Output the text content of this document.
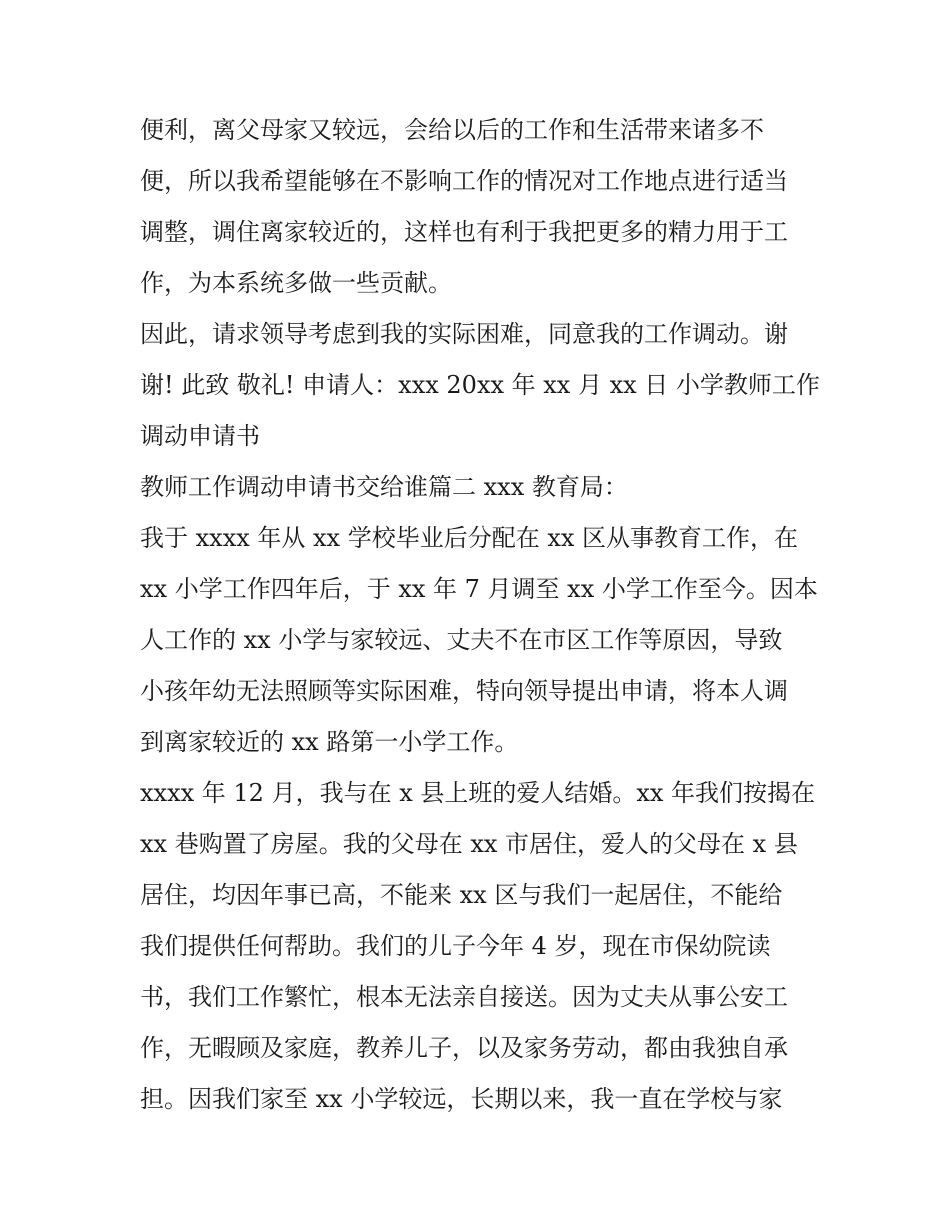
便利，离父母家又较远，会给以后的工作和生活带来诸多不
便，所以我希望能够在不影响工作的情况对工作地点进行适当
调整，调住离家较近的，这样也有利于我把更多的精力用于工
作，为本系统多做一些贡献。
因此，请求领导考虑到我的实际困难，同意我的工作调动。谢
谢! 此致 敬礼! 申请人：xxx 20xx 年 xx 月 xx 日 小学教师工作
调动申请书
教师工作调动申请书交给谁篇二 xxx 教育局：
我于 xxxx 年从 xx 学校毕业后分配在 xx 区从事教育工作，在
xx 小学工作四年后，于 xx 年 7 月调至 xx 小学工作至今。因本
人工作的 xx 小学与家较远、丈夫不在市区工作等原因，导致
小孩年幼无法照顾等实际困难，特向领导提出申请，将本人调
到离家较近的 xx 路第一小学工作。
xxxx 年 12 月，我与在 x 县上班的爱人结婚。xx 年我们按揭在
xx 巷购置了房屋。我的父母在 xx 市居住，爱人的父母在 x 县
居住，均因年事已高，不能来 xx 区与我们一起居住，不能给
我们提供任何帮助。我们的儿子今年 4 岁，现在市保幼院读
书，我们工作繁忙，根本无法亲自接送。因为丈夫从事公安工
作，无暇顾及家庭，教养儿子，以及家务劳动，都由我独自承
担。因我们家至 xx 小学较远，长期以来，我一直在学校与家
